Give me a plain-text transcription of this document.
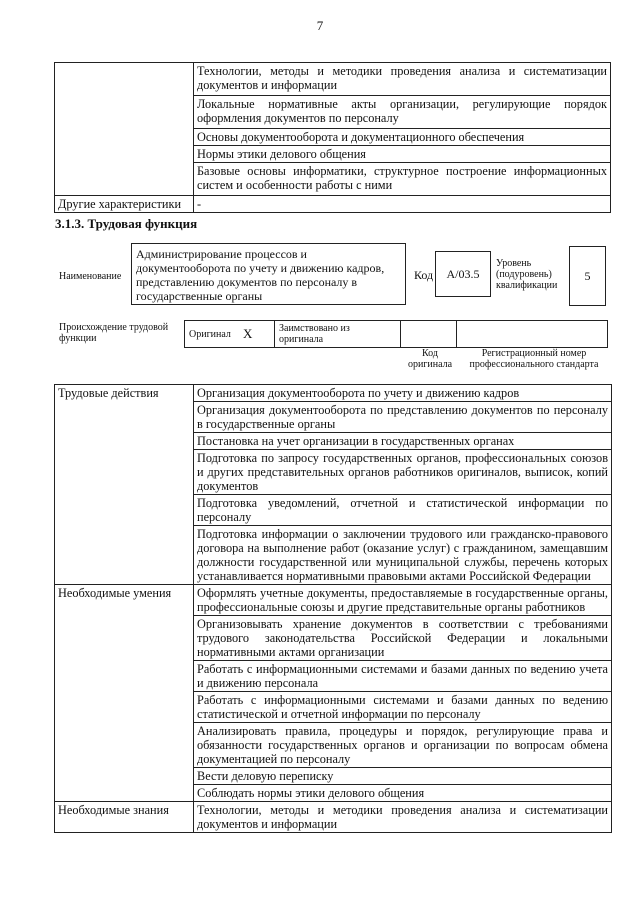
7
	Технологии, методы и методики проведения анализа и систематизации документов и информации
	Локальные нормативные акты организации, регулирующие порядок оформления документов по персоналу
	Основы документооборота и документационного обеспечения
	Нормы этики делового общения
	Базовые основы информатики, структурное построение информационных систем и особенности работы с ними
Другие характеристики	-
3.1.3. Трудовая функция
Наименование
Администрирование процессов и документооборота по учету и движению кадров, представлению документов по персоналу в государственные органы
Код	А/03.5
Уровень (подуровень) квалификации
5
Происхождение трудовой функции	Оригинал X	Заимствовано из оригинала
Код оригинала
Регистрационный номер профессионального стандарта
Трудовые действия	Организация документооборота по учету и движению кадров
	Организация документооборота по представлению документов по персоналу в государственные органы
	Постановка на учет организации в государственных органах
	Подготовка по запросу государственных органов, профессиональных союзов и других представительных органов работников оригиналов, выписок, копий документов
	Подготовка уведомлений, отчетной и статистической информации по персоналу
	Подготовка информации о заключении трудового или гражданско-правового договора на выполнение работ (оказание услуг) с гражданином, замещавшим должности государственной или муниципальной службы, перечень которых устанавливается нормативными правовыми актами Российской Федерации
Необходимые умения	Оформлять учетные документы, предоставляемые в государственные органы, профессиональные союзы и другие представительные органы работников
	Организовывать хранение документов в соответствии с требованиями трудового законодательства Российской Федерации и локальными нормативными актами организации
	Работать с информационными системами и базами данных по ведению учета и движению персонала
	Работать с информационными системами и базами данных по ведению статистической и отчетной информации по персоналу
	Анализировать правила, процедуры и порядок, регулирующие права и обязанности государственных органов и организации по вопросам обмена документацией по персоналу
	Вести деловую переписку
	Соблюдать нормы этики делового общения
Необходимые знания	Технологии, методы и методики проведения анализа и систематизации документов и информации
